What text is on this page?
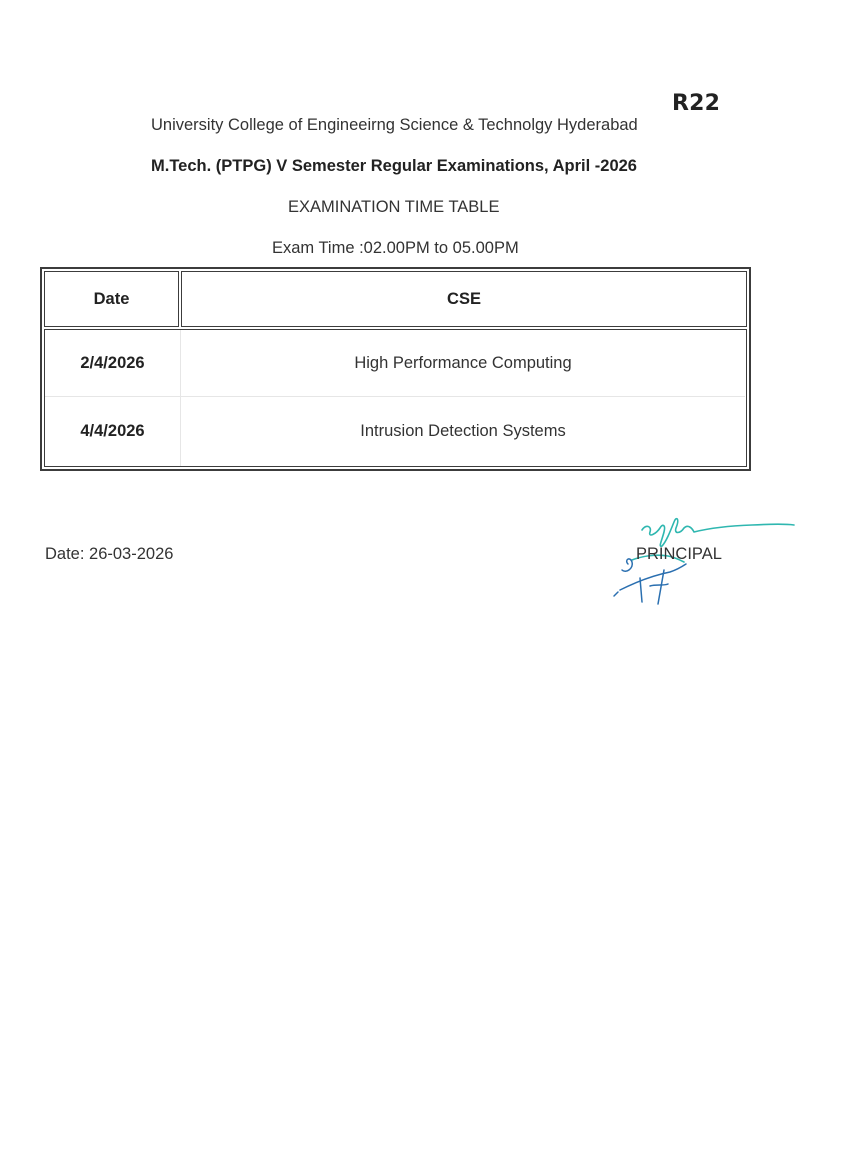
R22
University College of Engineeirng Science & Technolgy Hyderabad
M.Tech. (PTPG) V Semester Regular Examinations, April -2026
EXAMINATION TIME TABLE
Exam Time :02.00PM to 05.00PM
Date	CSE
2/4/2026	High Performance Computing
4/4/2026	Intrusion Detection Systems
Date: 26-03-2026	PRINCIPAL
